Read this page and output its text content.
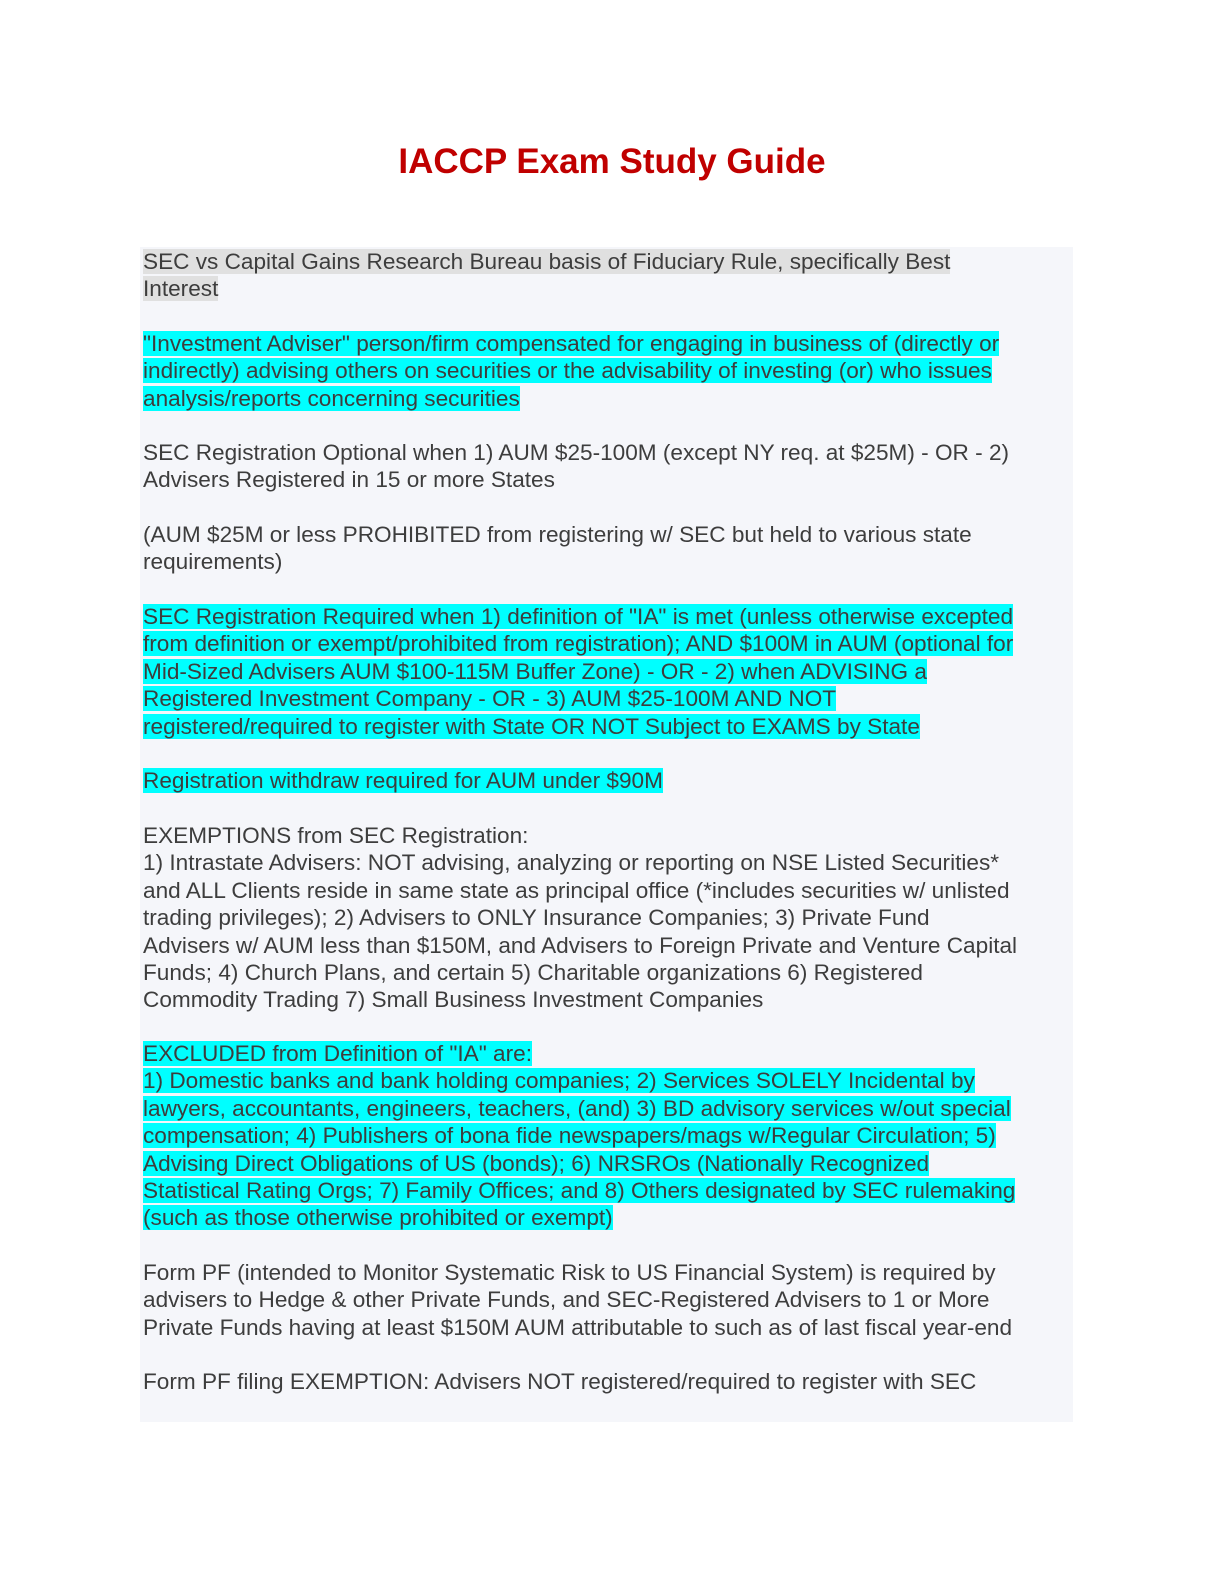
IACCP Exam Study Guide
SEC vs Capital Gains Research Bureau basis of Fiduciary Rule, specifically Best
Interest
"Investment Adviser" person/firm compensated for engaging in business of (directly or
indirectly) advising others on securities or the advisability of investing (or) who issues
analysis/reports concerning securities
SEC Registration Optional when 1) AUM $25-100M (except NY req. at $25M) - OR - 2)
Advisers Registered in 15 or more States
(AUM $25M or less PROHIBITED from registering w/ SEC but held to various state
requirements)
SEC Registration Required when 1) definition of "IA" is met (unless otherwise excepted
from definition or exempt/prohibited from registration); AND $100M in AUM (optional for
Mid-Sized Advisers AUM $100-115M Buffer Zone) - OR - 2) when ADVISING a
Registered Investment Company - OR - 3) AUM $25-100M AND NOT
registered/required to register with State OR NOT Subject to EXAMS by State
Registration withdraw required for AUM under $90M
EXEMPTIONS from SEC Registration:
1) Intrastate Advisers: NOT advising, analyzing or reporting on NSE Listed Securities*
and ALL Clients reside in same state as principal office (*includes securities w/ unlisted
trading privileges); 2) Advisers to ONLY Insurance Companies; 3) Private Fund
Advisers w/ AUM less than $150M, and Advisers to Foreign Private and Venture Capital
Funds; 4) Church Plans, and certain 5) Charitable organizations 6) Registered
Commodity Trading 7) Small Business Investment Companies
EXCLUDED from Definition of "IA" are:
1) Domestic banks and bank holding companies; 2) Services SOLELY Incidental by
lawyers, accountants, engineers, teachers, (and) 3) BD advisory services w/out special
compensation; 4) Publishers of bona fide newspapers/mags w/Regular Circulation; 5)
Advising Direct Obligations of US (bonds); 6) NRSROs (Nationally Recognized
Statistical Rating Orgs; 7) Family Offices; and 8) Others designated by SEC rulemaking
(such as those otherwise prohibited or exempt)
Form PF (intended to Monitor Systematic Risk to US Financial System) is required by
advisers to Hedge & other Private Funds, and SEC-Registered Advisers to 1 or More
Private Funds having at least $150M AUM attributable to such as of last fiscal year-end
Form PF filing EXEMPTION: Advisers NOT registered/required to register with SEC
